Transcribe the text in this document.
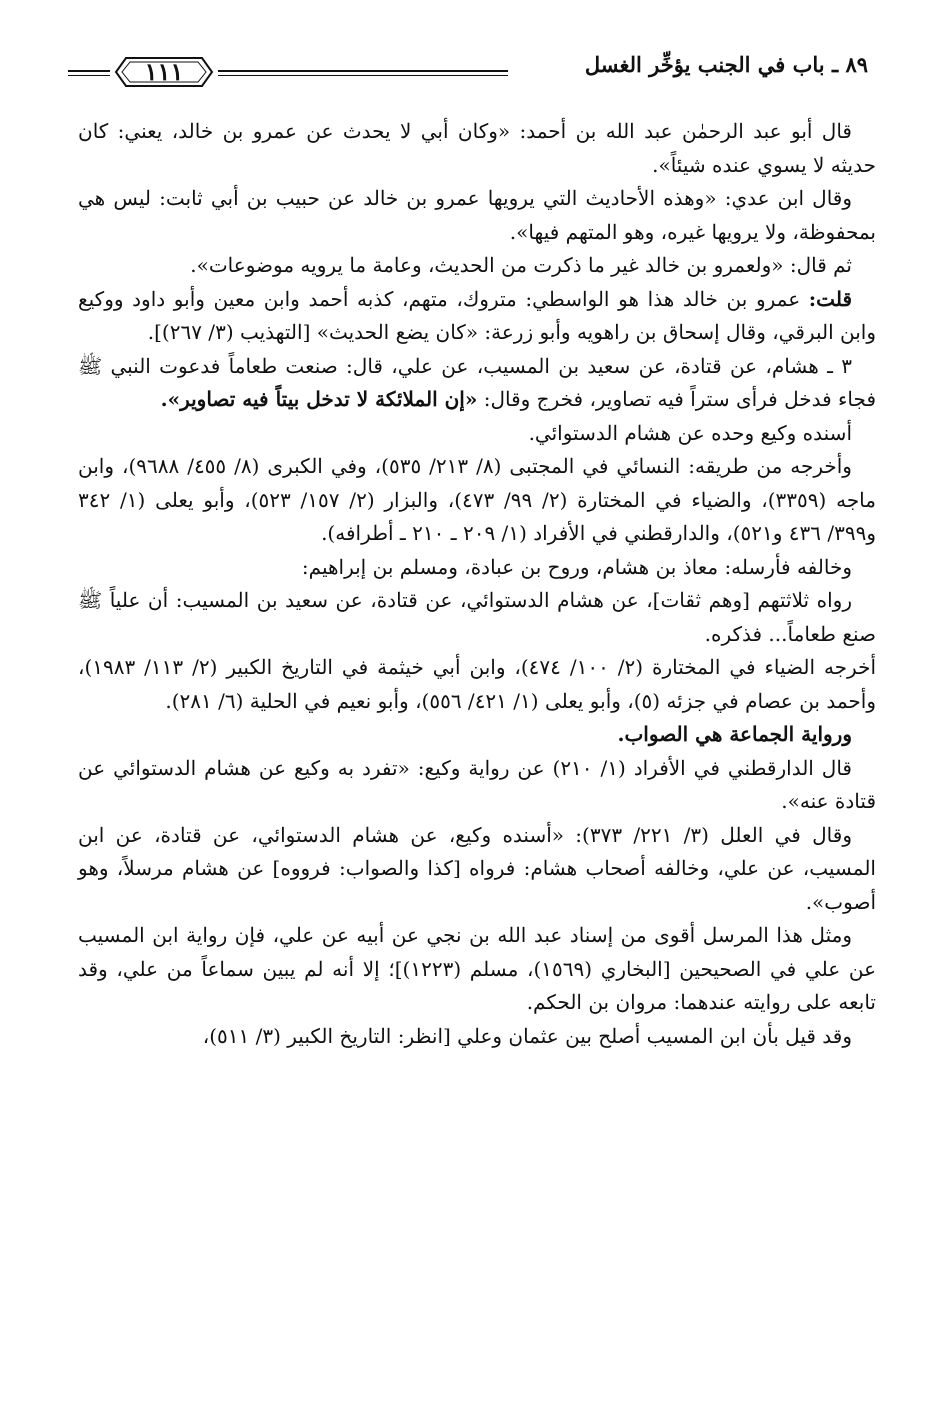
٨٩ ـ باب في الجنب يؤخِّر الغسل
١١١

قال أبو عبد الرحمٰن عبد الله بن أحمد: «وكان أبي لا يحدث عن عمرو بن خالد، يعني: كان حديثه لا يسوي عنده شيئاً».

وقال ابن عدي: «وهذه الأحاديث التي يرويها عمرو بن خالد عن حبيب بن أبي ثابت: ليس هي بمحفوظة، ولا يرويها غيره، وهو المتهم فيها».

ثم قال: «ولعمرو بن خالد غير ما ذكرت من الحديث، وعامة ما يرويه موضوعات».

قلت: عمرو بن خالد هذا هو الواسطي: متروك، متهم، كذبه أحمد وابن معين وأبو داود ووكيع وابن البرقي، وقال إسحاق بن راهويه وأبو زرعة: «كان يضع الحديث» [التهذيب (٣/ ٢٦٧)].

٣ ـ هشام، عن قتادة، عن سعيد بن المسيب، عن علي، قال: صنعت طعاماً فدعوت النبي ﷺ فجاء فدخل فرأى ستراً فيه تصاوير، فخرج وقال: «إن الملائكة لا تدخل بيتاً فيه تصاوير».

أسنده وكيع وحده عن هشام الدستوائي.

وأخرجه من طريقه: النسائي في المجتبى (٨/ ٢١٣/ ٥٣٥)، وفي الكبرى (٨/ ٤٥٥/ ٩٦٨٨)، وابن ماجه (٣٣٥٩)، والضياء في المختارة (٢/ ٩٩/ ٤٧٣)، والبزار (٢/ ١٥٧/ ٥٢٣)، وأبو يعلى (١/ ٣٤٢ و٣٩٩/ ٤٣٦ و٥٢١)، والدارقطني في الأفراد (١/ ٢٠٩ ـ ٢١٠ ـ أطرافه).

وخالفه فأرسله: معاذ بن هشام، وروح بن عبادة، ومسلم بن إبراهيم:

رواه ثلاثتهم [وهم ثقات]، عن هشام الدستوائي، عن قتادة، عن سعيد بن المسيب: أن علياً ﷺ صنع طعاماً... فذكره.

أخرجه الضياء في المختارة (٢/ ١٠٠/ ٤٧٤)، وابن أبي خيثمة في التاريخ الكبير (٢/ ١١٣/ ١٩٨٣)، وأحمد بن عصام في جزئه (٥)، وأبو يعلى (١/ ٤٢١/ ٥٥٦)، وأبو نعيم في الحلية (٦/ ٢٨١).

ورواية الجماعة هي الصواب.

قال الدارقطني في الأفراد (١/ ٢١٠) عن رواية وكيع: «تفرد به وكيع عن هشام الدستوائي عن قتادة عنه».

وقال في العلل (٣/ ٢٢١/ ٣٧٣): «أسنده وكيع، عن هشام الدستوائي، عن قتادة، عن ابن المسيب، عن علي، وخالفه أصحاب هشام: فرواه [كذا والصواب: فرووه] عن هشام مرسلاً، وهو أصوب».

ومثل هذا المرسل أقوى من إسناد عبد الله بن نجي عن أبيه عن علي، فإن رواية ابن المسيب عن علي في الصحيحين [البخاري (١٥٦٩)، مسلم (١٢٢٣)]؛ إلا أنه لم يبين سماعاً من علي، وقد تابعه على روايته عندهما: مروان بن الحكم.

وقد قيل بأن ابن المسيب أصلح بين عثمان وعلي [انظر: التاريخ الكبير (٣/ ٥١١)،
